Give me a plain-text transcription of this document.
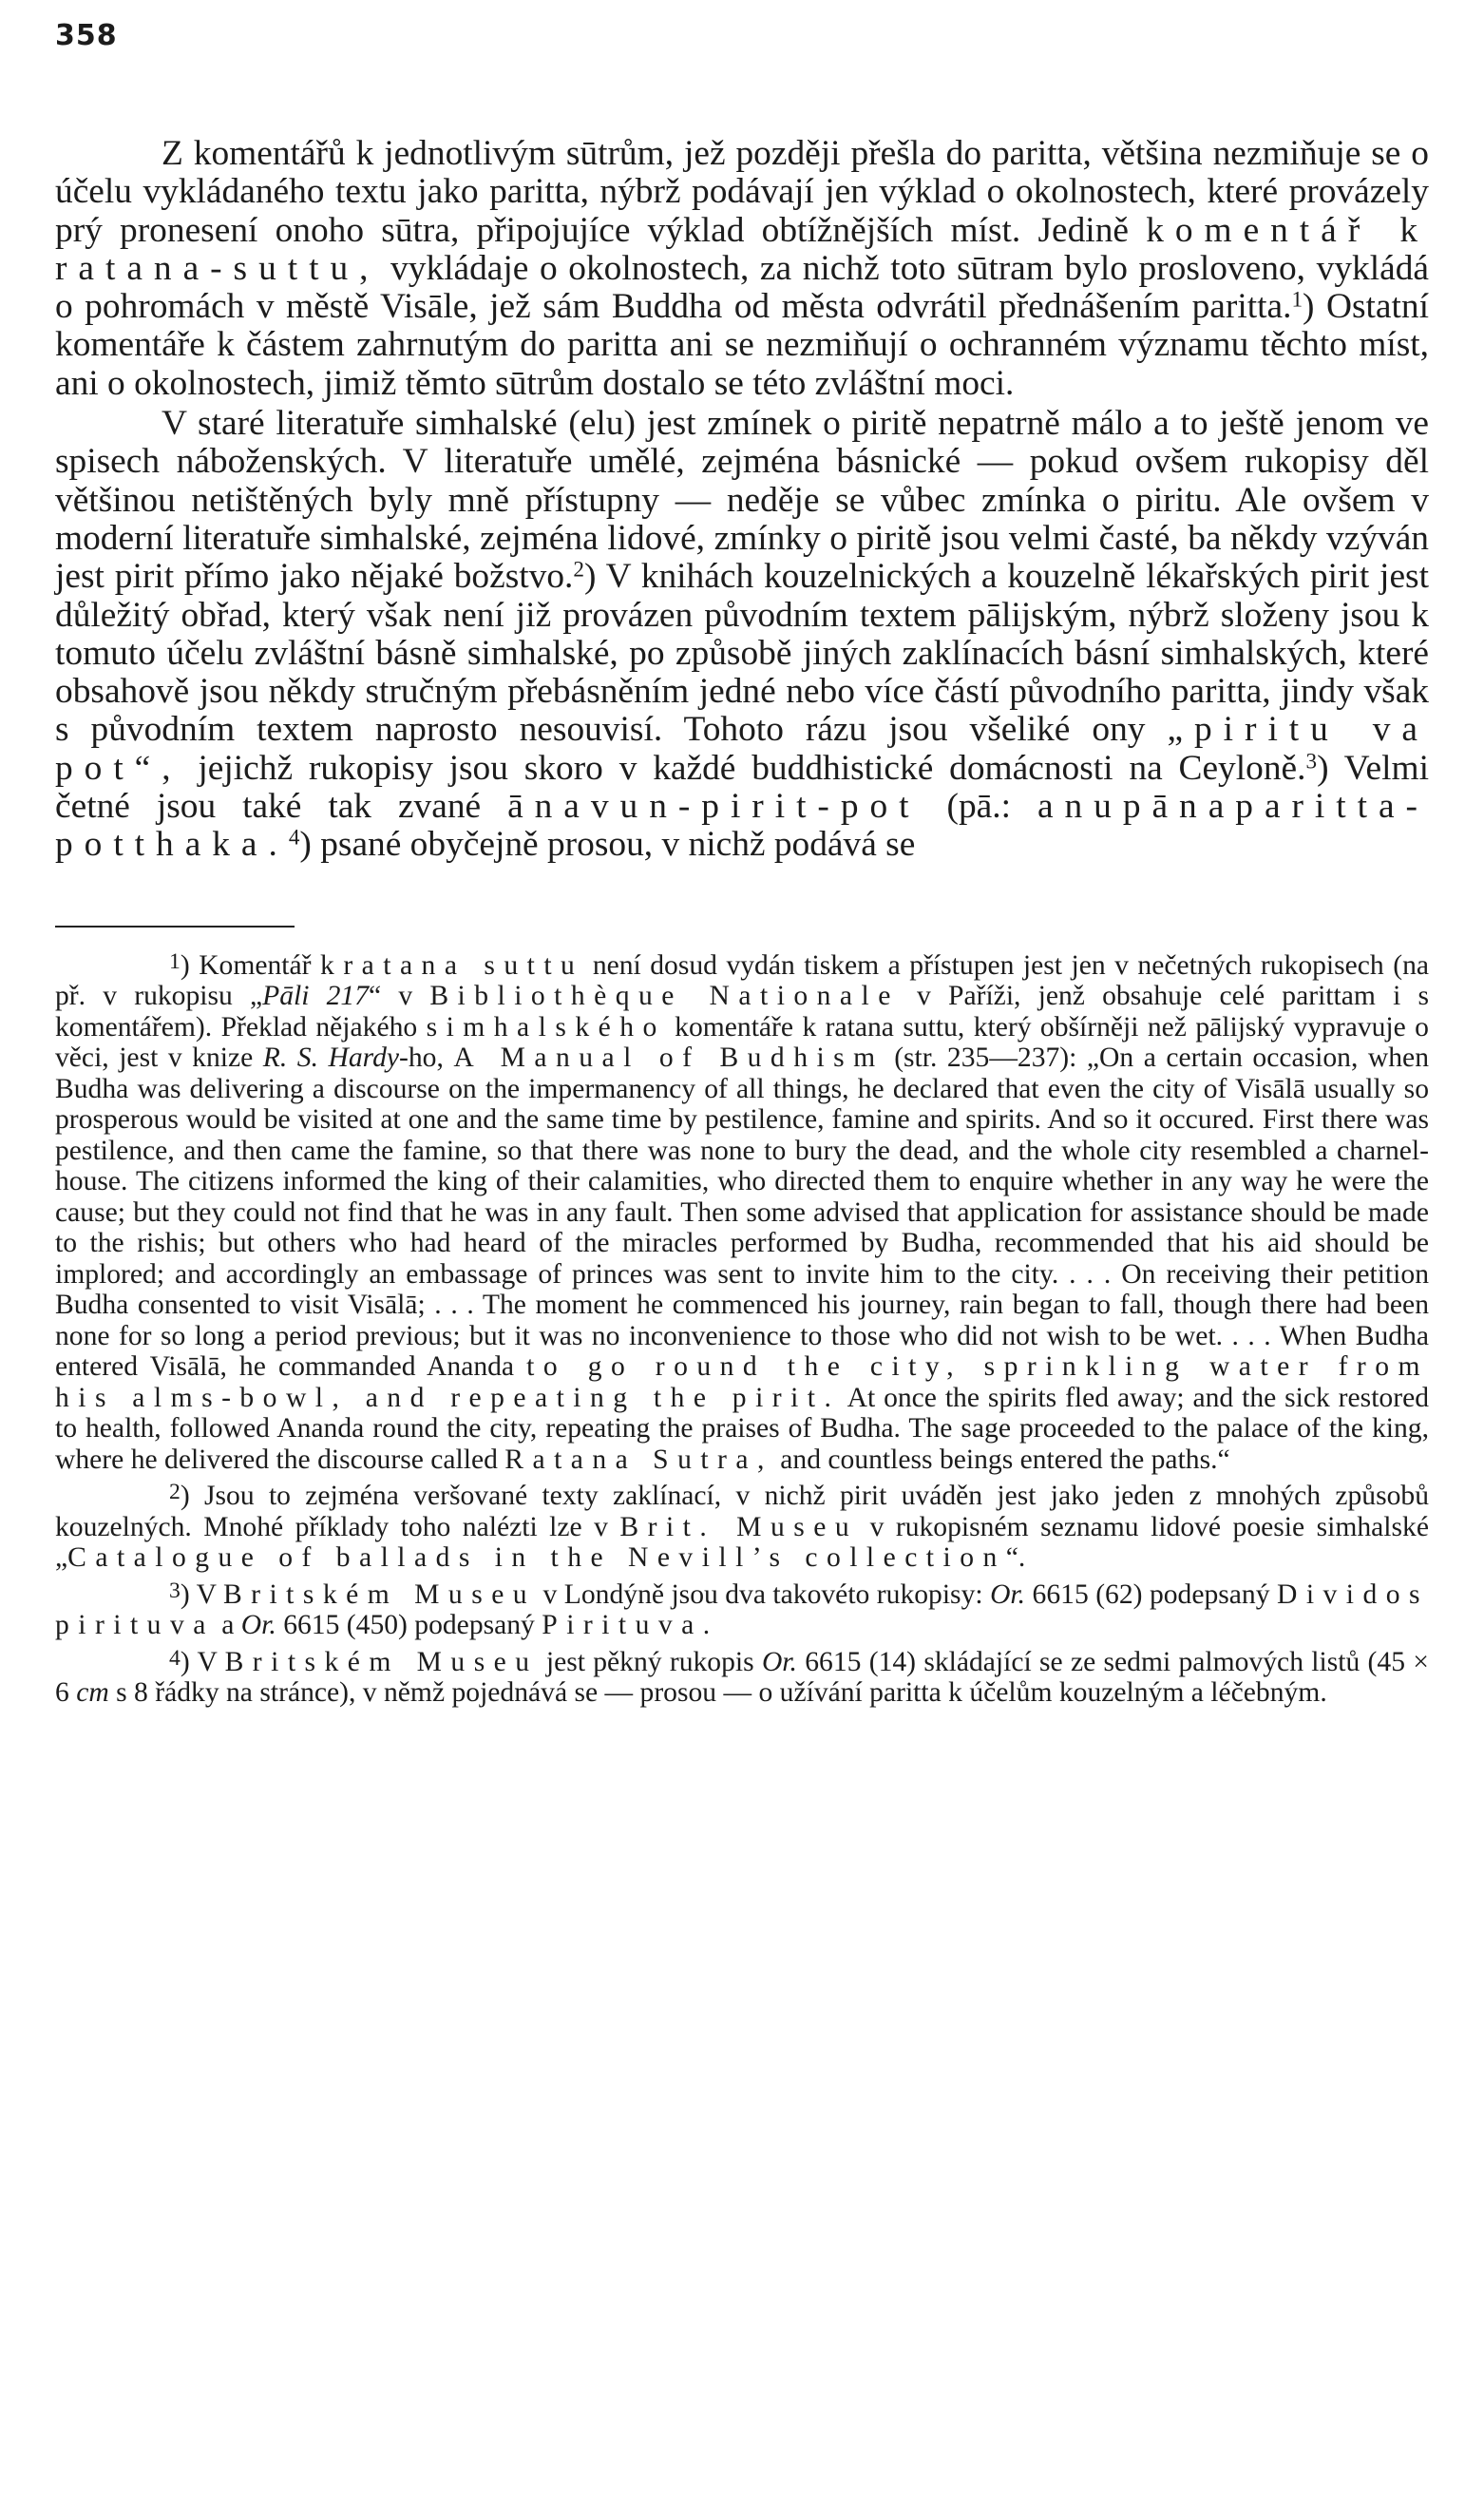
358

Z komentářů k jednotlivým sūtrům, jež později přešla do paritta, většina nezmiňuje se o účelu vykládaného textu jako paritta, nýbrž podávají jen výklad o okolnostech, které provázely prý pronesení onoho sūtra, připojujíce výklad obtížnějších míst. Jedině komentář k ratana-suttu, vykládaje o okolnostech, za nichž toto sūtram bylo prosloveno, vykládá o pohromách v městě Visāle, jež sám Buddha od města odvrátil přednášením paritta.$^1$) Ostatní komentáře k částem zahrnutým do paritta ani se nezmiňují o ochranném významu těchto míst, ani o okolnostech, jimiž těmto sūtrům dostalo se této zvláštní moci.

V staré literatuře simhalské (elu) jest zmínek o piritě nepatrně málo a to ještě jenom ve spisech náboženských. V literatuře umělé, zejména básnické — pokud ovšem rukopisy děl většinou netištěných byly mně přístupny — neděje se vůbec zmínka o piritu. Ale ovšem v moderní literatuře simhalské, zejména lidové, zmínky o piritě jsou velmi časté, ba někdy vzýván jest pirit přímo jako nějaké božstvo.$^2$) V knihách kouzelnických a kouzelně lékařských pirit jest důležitý obřad, který však není již provázen původním textem pālijským, nýbrž složeny jsou k tomuto účelu zvláštní básně simhalské, po způsobě jiných zaklínacích básní simhalských, které obsahově jsou někdy stručným přebásněním jedné nebo více částí původního paritta, jindy však s původním textem naprosto nesouvisí. Tohoto rázu jsou všeliké ony „piritu va pot“, jejichž rukopisy jsou skoro v každé buddhistické domácnosti na Ceyloně.$^3$) Velmi četné jsou také tak zvané ānavun-pirit-pot (pā.: anupānaparitta-potthaka.$^4$) psané obyčejně prosou, v nichž podává se

1) Komentář k ratana suttu není dosud vydán tiskem a přístupen jest jen v nečetných rukopisech (na př. v rukopisu „Pāli 217“ v Bibliothèque Nationale v Paříži, jenž obsahuje celé parittam i s komentářem). Překlad nějakého simhalského komentáře k ratana suttu, který obšírněji než pālijský vypravuje o věci, jest v knize R. S. Hardy-ho, A Manual of Budhism (str. 235—237): „On a certain occasion, when Budha was delivering a discourse on the impermanency of all things, he declared that even the city of Visālā usually so prosperous would be visited at one and the same time by pestilence, famine and spirits. And so it occured. First there was pestilence, and then came the famine, so that there was none to bury the dead, and the whole city resembled a charnel-house. The citizens informed the king of their calamities, who directed them to enquire whether in any way he were the cause; but they could not find that he was in any fault. Then some advised that application for assistance should be made to the rishis; but others who had heard of the miracles performed by Budha, recommended that his aid should be implored; and accordingly an embassage of princes was sent to invite him to the city. . . . On receiving their petition Budha consented to visit Visālā; . . . The moment he commenced his journey, rain began to fall, though there had been none for so long a period previous; but it was no inconvenience to those who did not wish to be wet. . . . When Budha entered Visālā, he commanded Ananda to go round the city, sprinkling water from his alms-bowl, and repeating the pirit. At once the spirits fled away; and the sick restored to health, followed Ananda round the city, repeating the praises of Budha. The sage proceeded to the palace of the king, where he delivered the discourse called Ratana Sutra, and countless beings entered the paths.“

2) Jsou to zejména veršované texty zaklínací, v nichž pirit uváděn jest jako jeden z mnohých způsobů kouzelných. Mnohé příklady toho nalézti lze v Brit. Museu v rukopisném seznamu lidové poesie simhalské „Catalogue of ballads in the Nevill’s collection“.

3) V Britském Museu v Londýně jsou dva takovéto rukopisy: Or. 6615 (62) podepsaný Dividos pirituva a Or. 6615 (450) podepsaný Pirituva.

4) V Britském Museu jest pěkný rukopis Or. 6615 (14) skládající se ze sedmi palmových listů (45 × 6 cm s 8 řádky na stránce), v němž pojednává se — prosou — o užívání paritta k účelům kouzelným a léčebným.
